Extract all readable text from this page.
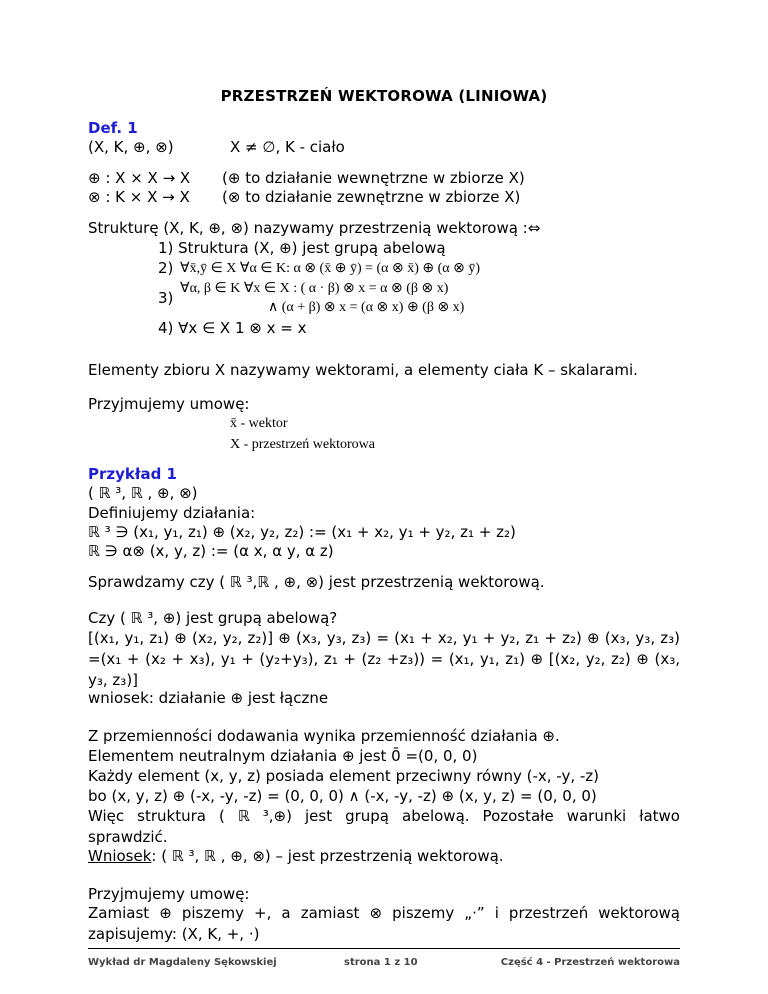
PRZESTRZEŃ WEKTOROWA (LINIOWA)
Def. 1
(X, K, ⊕, ⊗)	X ≠ ∅, K - ciało
⊕ : X × X → X (⊕ to działanie wewnętrzne w zbiorze X)
⊗ : K × X → X (⊗ to działanie zewnętrzne w zbiorze X)
Strukturę (X, K, ⊕, ⊗) nazywamy przestrzenią wektorową :⇔
1) Struktura (X, ⊕) jest grupą abelową
2) ∀x̄,ȳ ∈ X ∀α ∈ K: α ⊗ (x̄ ⊕ ȳ) = (α ⊗ x̄) ⊕ (α ⊗ ȳ)
∀α, β ∈ K ∀x ∈ X : ( α · β) ⊗ x = α ⊗ (β ⊗ x)
3)
∧ (α + β) ⊗ x = (α ⊗ x) ⊕ (β ⊗ x)
4) ∀x ∈ X 1 ⊗ x = x
Elementy zbioru X nazywamy wektorami, a elementy ciała K – skalarami.
Przyjmujemy umowę:
x̄ - wektor
X - przestrzeń wektorowa
Przykład 1
( ℝ ³, ℝ , ⊕, ⊗)
Definiujemy działania:
ℝ ³ ∋ (x₁, y₁, z₁) ⊕ (x₂, y₂, z₂) := (x₁ + x₂, y₁ + y₂, z₁ + z₂)
ℝ ∋ α⊗ (x, y, z) := (α x, α y, α z)
Sprawdzamy czy ( ℝ ³,ℝ , ⊕, ⊗) jest przestrzenią wektorową.
Czy ( ℝ ³, ⊕) jest grupą abelową?
[(x₁, y₁, z₁) ⊕ (x₂, y₂, z₂)] ⊕ (x₃, y₃, z₃) = (x₁ + x₂, y₁ + y₂, z₁ + z₂) ⊕ (x₃, y₃, z₃) =(x₁ + (x₂ + x₃), y₁ + (y₂+y₃), z₁ + (z₂ +z₃)) = (x₁, y₁, z₁) ⊕ [(x₂, y₂, z₂) ⊕ (x₃, y₃, z₃)]
wniosek: działanie ⊕ jest łączne
Z przemienności dodawania wynika przemienność działania ⊕.
Elementem neutralnym działania ⊕ jest 0̄ =(0, 0, 0)
Każdy element (x, y, z) posiada element przeciwny równy (-x, -y, -z)
bo (x, y, z) ⊕ (-x, -y, -z) = (0, 0, 0) ∧ (-x, -y, -z) ⊕ (x, y, z) = (0, 0, 0)
Więc struktura ( ℝ ³,⊕) jest grupą abelową. Pozostałe warunki łatwo sprawdzić.
Wniosek: ( ℝ ³, ℝ , ⊕, ⊗) – jest przestrzenią wektorową.
Przyjmujemy umowę:
Zamiast ⊕ piszemy +, a zamiast ⊗ piszemy „·” i przestrzeń wektorową zapisujemy: (X, K, +, ·)
Wykład dr Magdaleny Sękowskiej	strona 1 z 10	Część 4 - Przestrzeń wektorowa
